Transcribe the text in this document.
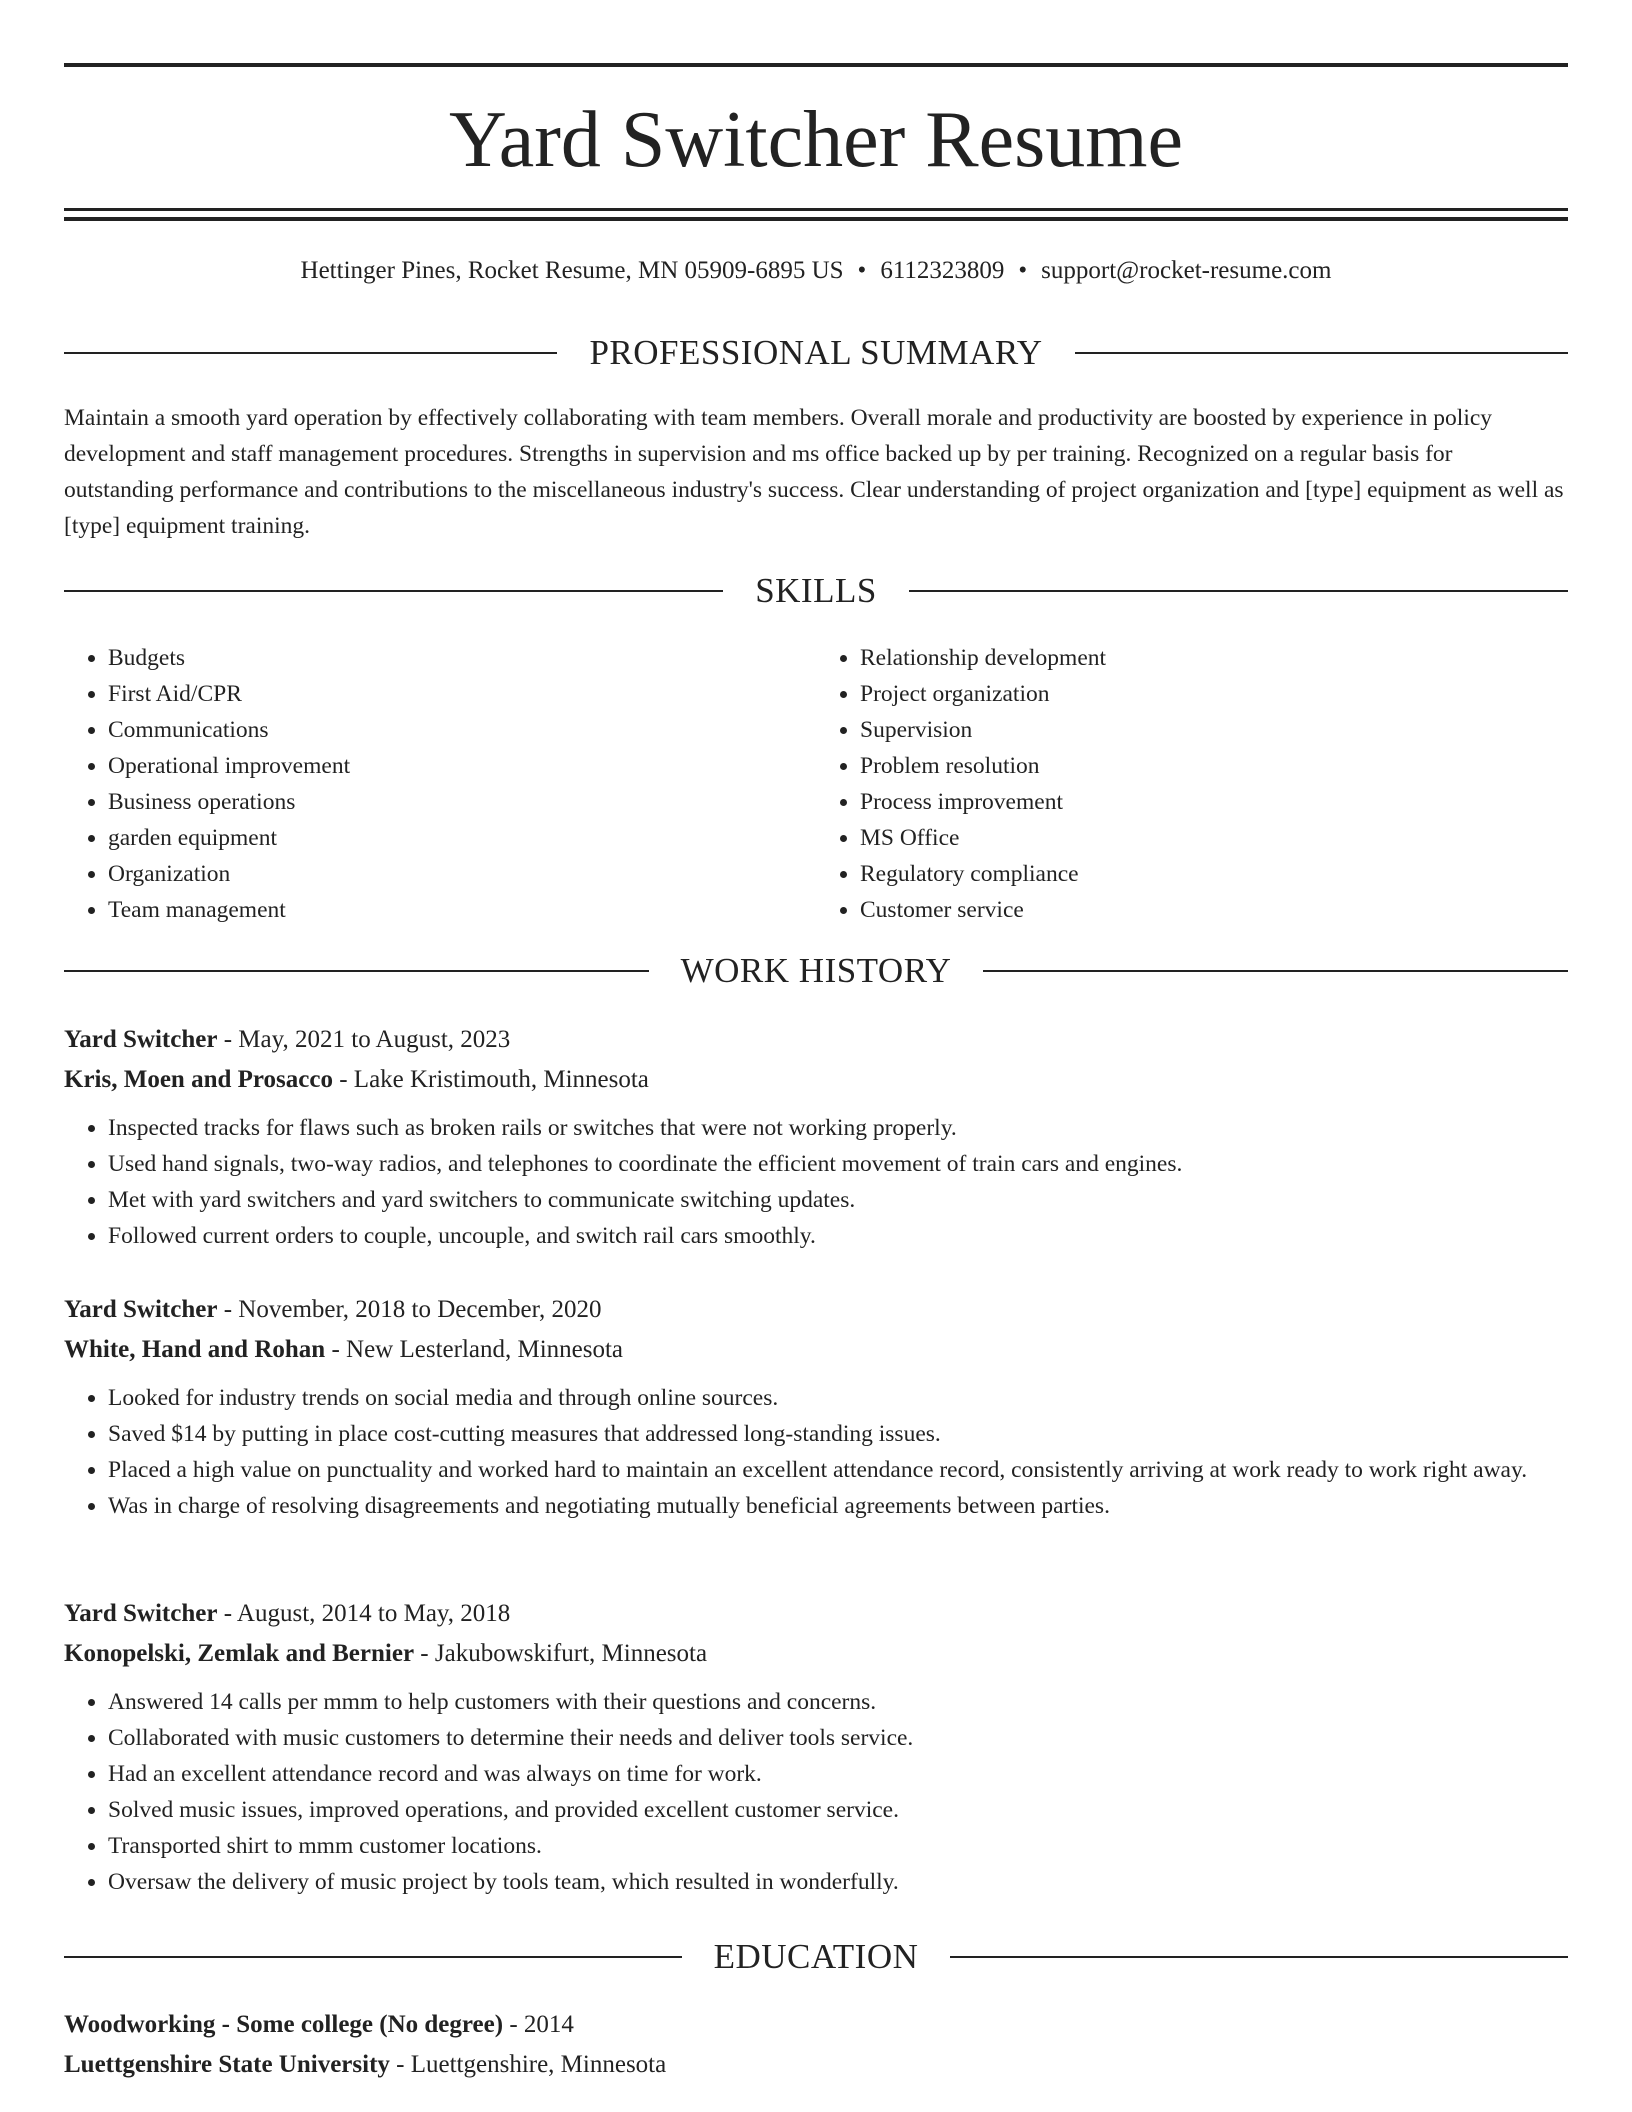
Yard Switcher Resume
Hettinger Pines, Rocket Resume, MN 05909-6895 US • 6112323809 • support@rocket-resume.com
PROFESSIONAL SUMMARY

Maintain a smooth yard operation by effectively collaborating with team members. Overall morale and productivity are boosted by experience in policy development and staff management procedures. Strengths in supervision and ms office backed up by per training. Recognized on a regular basis for outstanding performance and contributions to the miscellaneous industry's success. Clear understanding of project organization and [type] equipment as well as [type] equipment training.

SKILLS
• Budgets
• First Aid/CPR
• Communications
• Operational improvement
• Business operations
• garden equipment
• Organization
• Team management
• Relationship development
• Project organization
• Supervision
• Problem resolution
• Process improvement
• MS Office
• Regulatory compliance
• Customer service
WORK HISTORY

Yard Switcher - May, 2021 to August, 2023

Kris, Moen and Prosacco - Lake Kristimouth, Minnesota

• Inspected tracks for flaws such as broken rails or switches that were not working properly.
• Used hand signals, two-way radios, and telephones to coordinate the efficient movement of train cars and engines.
• Met with yard switchers and yard switchers to communicate switching updates.
• Followed current orders to couple, uncouple, and switch rail cars smoothly.

Yard Switcher - November, 2018 to December, 2020

White, Hand and Rohan - New Lesterland, Minnesota

• Looked for industry trends on social media and through online sources.
• Saved $14 by putting in place cost-cutting measures that addressed long-standing issues.
• Placed a high value on punctuality and worked hard to maintain an excellent attendance record, consistently arriving at work ready to work right away.
• Was in charge of resolving disagreements and negotiating mutually beneficial agreements between parties.

Yard Switcher - August, 2014 to May, 2018

Konopelski, Zemlak and Bernier - Jakubowskifurt, Minnesota

• Answered 14 calls per mmm to help customers with their questions and concerns.
• Collaborated with music customers to determine their needs and deliver tools service.
• Had an excellent attendance record and was always on time for work.
• Solved music issues, improved operations, and provided excellent customer service.
• Transported shirt to mmm customer locations.
• Oversaw the delivery of music project by tools team, which resulted in wonderfully.
EDUCATION

Woodworking - Some college (No degree) - 2014

Luettgenshire State University - Luettgenshire, Minnesota
